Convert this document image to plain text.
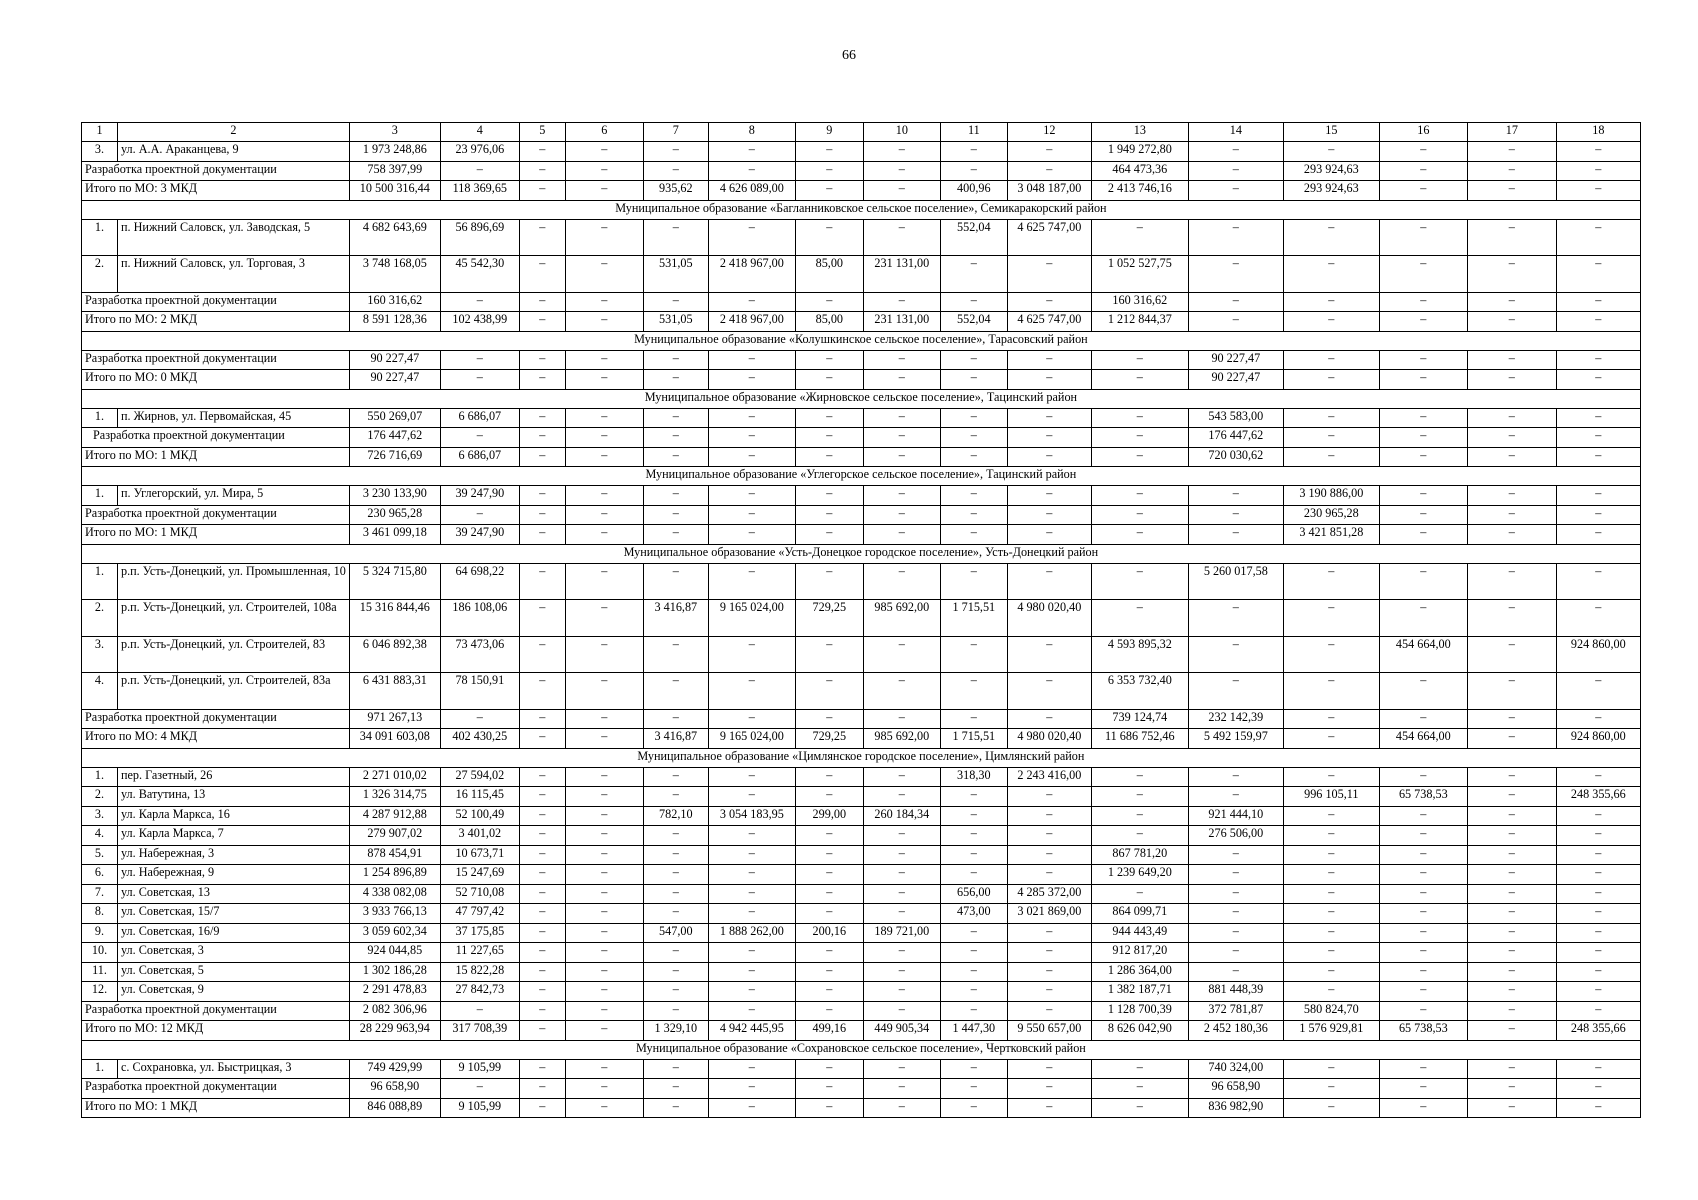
66
1	2	3	4	5	6	7	8	9	10	11	12	13	14	15	16	17	18
3.	ул. А.А. Араканцева, 9	1 973 248,86	23 976,06	–	–	–	–	–	–	–	–	1 949 272,80	–	–	–	–	–
Разработка проектной документации		758 397,99	–	–	–	–	–	–	–	–	–	464 473,36	–	293 924,63	–	–	–
Итого по МО: 3 МКД		10 500 316,44	118 369,65	–	–	935,62	4 626 089,00	–	–	400,96	3 048 187,00	2 413 746,16	–	293 924,63	–	–	–
Муниципальное образование «Багланниковское сельское поселение», Семикаракорский район																	
1.	п. Нижний Саловск, ул. Заводская, 5	4 682 643,69	56 896,69	–	–	–	–	–	–	552,04	4 625 747,00	–	–	–	–	–	–
2.	п. Нижний Саловск, ул. Торговая, 3	3 748 168,05	45 542,30	–	–	531,05	2 418 967,00	85,00	231 131,00	–	–	1 052 527,75	–	–	–	–	–
Разработка проектной документации		160 316,62	–	–	–	–	–	–	–	–	–	160 316,62	–	–	–	–	–
Итого по МО: 2 МКД		8 591 128,36	102 438,99	–	–	531,05	2 418 967,00	85,00	231 131,00	552,04	4 625 747,00	1 212 844,37	–	–	–	–	–
Муниципальное образование «Колушкинское сельское поселение», Тарасовский район																	
Разработка проектной документации		90 227,47	–	–	–	–	–	–	–	–	–	–	90 227,47	–	–	–	–
Итого по МО: 0 МКД		90 227,47	–	–	–	–	–	–	–	–	–	–	90 227,47	–	–	–	–
Муниципальное образование «Жирновское сельское поселение», Тацинский район																	
1.	п. Жирнов, ул. Первомайская, 45	550 269,07	6 686,07	–	–	–	–	–	–	–	–	–	543 583,00	–	–	–	–
Разработка проектной документации		176 447,62	–	–	–	–	–	–	–	–	–	–	176 447,62	–	–	–	–
Итого по МО: 1 МКД		726 716,69	6 686,07	–	–	–	–	–	–	–	–	–	720 030,62	–	–	–	–
Муниципальное образование «Углегорское сельское поселение», Тацинский район																	
1.	п. Углегорский, ул. Мира, 5	3 230 133,90	39 247,90	–	–	–	–	–	–	–	–	–	–	3 190 886,00	–	–	–
Разработка проектной документации		230 965,28	–	–	–	–	–	–	–	–	–	–	–	230 965,28	–	–	–
Итого по МО: 1 МКД		3 461 099,18	39 247,90	–	–	–	–	–	–	–	–	–	–	3 421 851,28	–	–	–
Муниципальное образование «Усть-Донецкое городское поселение», Усть-Донецкий район																	
1.	р.п. Усть-Донецкий, ул. Промышленная, 10	5 324 715,80	64 698,22	–	–	–	–	–	–	–	–	–	5 260 017,58	–	–	–	–
2.	р.п. Усть-Донецкий, ул. Строителей, 108а	15 316 844,46	186 108,06	–	–	3 416,87	9 165 024,00	729,25	985 692,00	1 715,51	4 980 020,40	–	–	–	–	–	–
3.	р.п. Усть-Донецкий, ул. Строителей, 83	6 046 892,38	73 473,06	–	–	–	–	–	–	–	–	4 593 895,32	–	–	454 664,00	–	924 860,00
4.	р.п. Усть-Донецкий, ул. Строителей, 83а	6 431 883,31	78 150,91	–	–	–	–	–	–	–	–	6 353 732,40	–	–	–	–	–
Разработка проектной документации		971 267,13	–	–	–	–	–	–	–	–	–	739 124,74	232 142,39	–	–	–	–
Итого по МО: 4 МКД		34 091 603,08	402 430,25	–	–	3 416,87	9 165 024,00	729,25	985 692,00	1 715,51	4 980 020,40	11 686 752,46	5 492 159,97	–	454 664,00	–	924 860,00
Муниципальное образование «Цимлянское городское поселение», Цимлянский район																	
1.	пер. Газетный, 26	2 271 010,02	27 594,02	–	–	–	–	–	–	318,30	2 243 416,00	–	–	–	–	–	–
2.	ул. Ватутина, 13	1 326 314,75	16 115,45	–	–	–	–	–	–	–	–	–	–	996 105,11	65 738,53	–	248 355,66
3.	ул. Карла Маркса, 16	4 287 912,88	52 100,49	–	–	782,10	3 054 183,95	299,00	260 184,34	–	–	–	921 444,10	–	–	–	–
4.	ул. Карла Маркса, 7	279 907,02	3 401,02	–	–	–	–	–	–	–	–	–	276 506,00	–	–	–	–
5.	ул. Набережная, 3	878 454,91	10 673,71	–	–	–	–	–	–	–	–	867 781,20	–	–	–	–	–
6.	ул. Набережная, 9	1 254 896,89	15 247,69	–	–	–	–	–	–	–	–	1 239 649,20	–	–	–	–	–
7.	ул. Советская, 13	4 338 082,08	52 710,08	–	–	–	–	–	–	656,00	4 285 372,00	–	–	–	–	–	–
8.	ул. Советская, 15/7	3 933 766,13	47 797,42	–	–	–	–	–	–	473,00	3 021 869,00	864 099,71	–	–	–	–	–
9.	ул. Советская, 16/9	3 059 602,34	37 175,85	–	–	547,00	1 888 262,00	200,16	189 721,00	–	–	944 443,49	–	–	–	–	–
10.	ул. Советская, 3	924 044,85	11 227,65	–	–	–	–	–	–	–	–	912 817,20	–	–	–	–	–
11.	ул. Советская, 5	1 302 186,28	15 822,28	–	–	–	–	–	–	–	–	1 286 364,00	–	–	–	–	–
12.	ул. Советская, 9	2 291 478,83	27 842,73	–	–	–	–	–	–	–	–	1 382 187,71	881 448,39	–	–	–	–
Разработка проектной документации		2 082 306,96	–	–	–	–	–	–	–	–	–	1 128 700,39	372 781,87	580 824,70	–	–	–
Итого по МО: 12 МКД		28 229 963,94	317 708,39	–	–	1 329,10	4 942 445,95	499,16	449 905,34	1 447,30	9 550 657,00	8 626 042,90	2 452 180,36	1 576 929,81	65 738,53	–	248 355,66
Муниципальное образование «Сохрановское сельское поселение», Чертковский район																	
1.	с. Сохрановка, ул. Быстрицкая, 3	749 429,99	9 105,99	–	–	–	–	–	–	–	–	–	740 324,00	–	–	–	–
Разработка проектной документации		96 658,90	–	–	–	–	–	–	–	–	–	–	96 658,90	–	–	–	–
Итого по МО: 1 МКД		846 088,89	9 105,99	–	–	–	–	–	–	–	–	–	836 982,90	–	–	–	–
